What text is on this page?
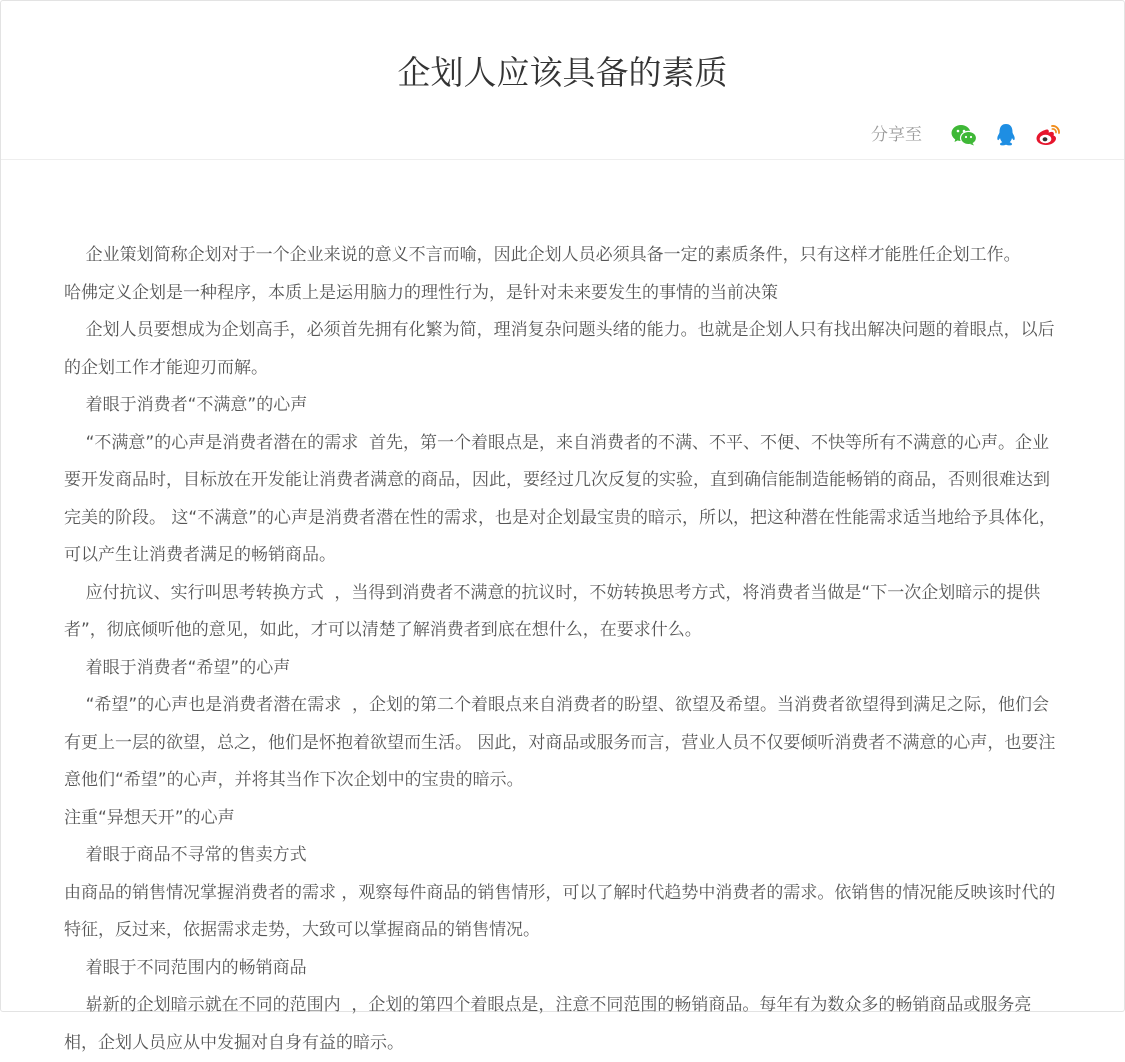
企划人应该具备的素质
分享至

企业策划简称企划对于一个企业来说的意义不言而喻，因此企划人员必须具备一定的素质条件，只有这样才能胜任企划工作。

哈佛定义企划是一种程序，本质上是运用脑力的理性行为，是针对未来要发生的事情的当前决策

企划人员要想成为企划高手，必须首先拥有化繁为简，理消复杂问题头绪的能力。也就是企划人只有找出解决问题的着眼点，以后的企划工作才能迎刃而解。

着眼于消费者“不满意”的心声

“不满意”的心声是消费者潜在的需求  首先，第一个着眼点是，来自消费者的不满、不平、不便、不快等所有不满意的心声。企业要开发商品时，目标放在开发能让消费者满意的商品，因此，要经过几次反复的实验，直到确信能制造能畅销的商品，否则很难达到完美的阶段。 这“不满意”的心声是消费者潜在性的需求，也是对企划最宝贵的暗示，所以，把这种潜在性能需求适当地给予具体化，可以产生让消费者满足的畅销商品。

应付抗议、实行叫思考转换方式  ，当得到消费者不满意的抗议时，不妨转换思考方式，将消费者当做是“下一次企划暗示的提供者”，彻底倾听他的意见，如此，才可以清楚了解消费者到底在想什么，在要求什么。

着眼于消费者“希望”的心声

“希望”的心声也是消费者潜在需求  ，企划的第二个着眼点来自消费者的盼望、欲望及希望。当消费者欲望得到满足之际，他们会有更上一层的欲望，总之，他们是怀抱着欲望而生活。 因此，对商品或服务而言，营业人员不仅要倾听消费者不满意的心声，也要注意他们“希望”的心声，并将其当作下次企划中的宝贵的暗示。

注重“异想天开”的心声

着眼于商品不寻常的售卖方式

由商品的销售情况掌握消费者的需求 ，观察每件商品的销售情形，可以了解时代趋势中消费者的需求。依销售的情况能反映该时代的特征，反过来，依据需求走势，大致可以掌握商品的销售情况。

着眼于不同范围内的畅销商品

崭新的企划暗示就在不同的范围内  ，企划的第四个着眼点是，注意不同范围的畅销商品。每年有为数众多的畅销商品或服务亮相，企划人员应从中发掘对自身有益的暗示。
